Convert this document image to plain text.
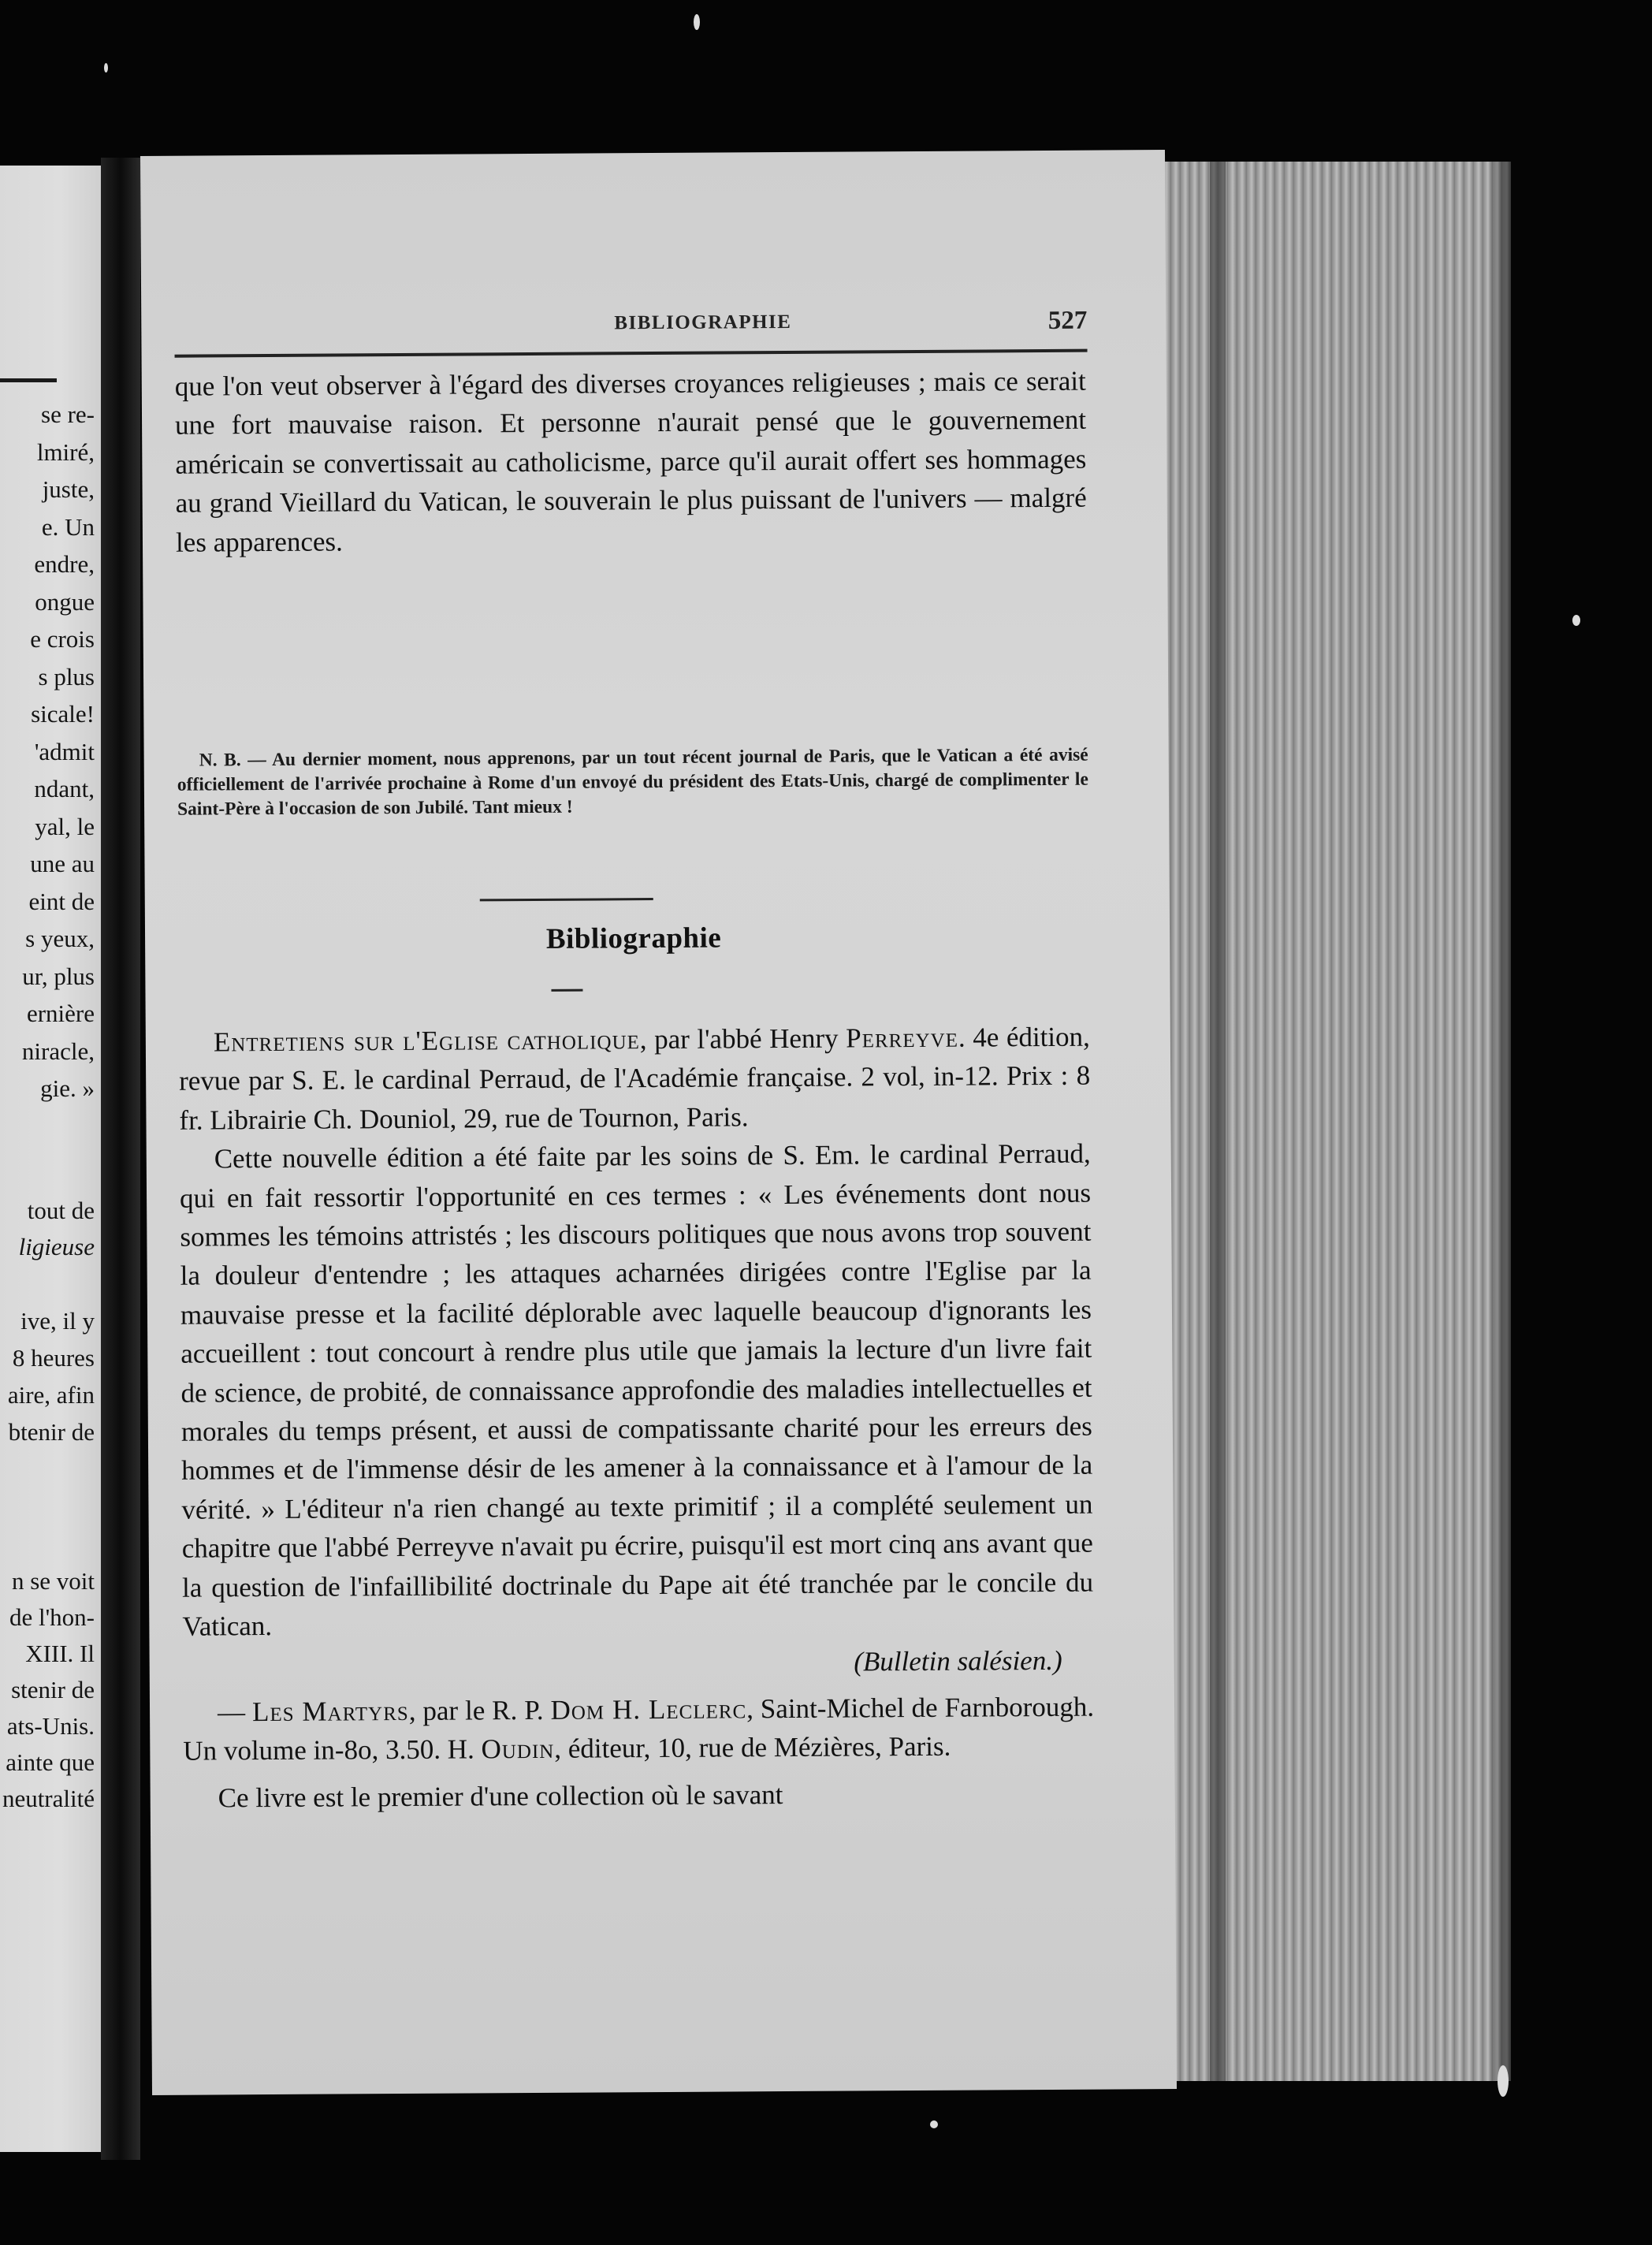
se re-
lmiré,
juste,
e. Un
endre,
ongue
e crois
s plus
sicale!
'admit
ndant,
yal, le
une au
eint de
s yeux,
ur, plus
ernière
niracle,
gie. »
tout de
ligieuse
ive, il y
8 heures
aire, afin
btenir de
n se voit
de l'hon-
XIII. Il
stenir de
ats-Unis.
ainte que
neutralité
BIBLIOGRAPHIE	527

que l'on veut observer à l'égard des diverses croyances religieuses ; mais ce serait une fort mauvaise raison. Et personne n'aurait pensé que le gouvernement américain se convertissait au catholicisme, parce qu'il aurait offert ses hommages au grand Vieillard du Vatican, le souverain le plus puissant de l'univers — malgré les apparences.

N. B. — Au dernier moment, nous apprenons, par un tout récent journal de Paris, que le Vatican a été avisé officiellement de l'arrivée prochaine à Rome d'un envoyé du président des Etats-Unis, chargé de complimenter le Saint-Père à l'occasion de son Jubilé. Tant mieux !

Bibliographie

Entretiens sur l'Eglise catholique, par l'abbé Henry Perreyve. 4e édition, revue par S. E. le cardinal Perraud, de l'Académie française. 2 vol, in-12. Prix : 8 fr. Librairie Ch. Douniol, 29, rue de Tournon, Paris.

Cette nouvelle édition a été faite par les soins de S. Em. le cardinal Perraud, qui en fait ressortir l'opportunité en ces termes : « Les événements dont nous sommes les témoins attristés ; les discours politiques que nous avons trop souvent la douleur d'entendre ; les attaques acharnées dirigées contre l'Eglise par la mauvaise presse et la facilité déplorable avec laquelle beaucoup d'ignorants les accueillent : tout concourt à rendre plus utile que jamais la lecture d'un livre fait de science, de probité, de connaissance approfondie des maladies intellectuelles et morales du temps présent, et aussi de compatissante charité pour les erreurs des hommes et de l'immense désir de les amener à la connaissance et à l'amour de la vérité. » L'éditeur n'a rien changé au texte primitif ; il a complété seulement un chapitre que l'abbé Perreyve n'avait pu écrire, puisqu'il est mort cinq ans avant que la question de l'infaillibilité doctrinale du Pape ait été tranchée par le concile du Vatican.

(Bulletin salésien.)

— Les Martyrs, par le R. P. Dom H. Leclerc, Saint-Michel de Farnborough. Un volume in-8o, 3.50. H. Oudin, éditeur, 10, rue de Mézières, Paris.

Ce livre est le premier d'une collection où le savant
